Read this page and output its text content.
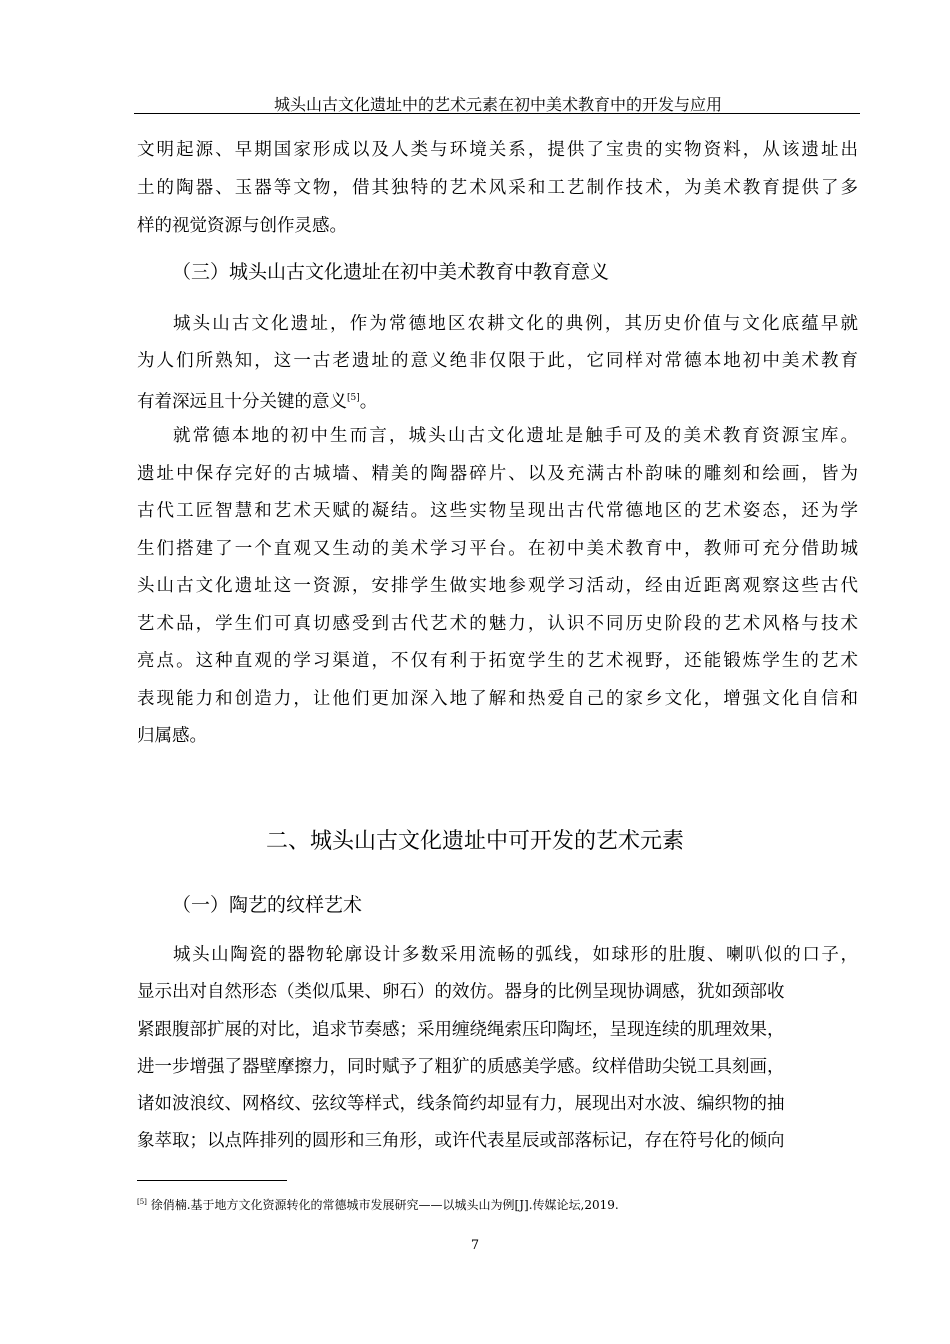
城头山古文化遗址中的艺术元素在初中美术教育中的开发与应用
文明起源、早期国家形成以及人类与环境关系，提供了宝贵的实物资料，从该遗址出
土的陶器、玉器等文物，借其独特的艺术风采和工艺制作技术，为美术教育提供了多
样的视觉资源与创作灵感。
（三）城头山古文化遗址在初中美术教育中教育意义
城头山古文化遗址，作为常德地区农耕文化的典例，其历史价值与文化底蕴早就
为人们所熟知，这一古老遗址的意义绝非仅限于此，它同样对常德本地初中美术教育
有着深远且十分关键的意义[5]。
就常德本地的初中生而言，城头山古文化遗址是触手可及的美术教育资源宝库。
遗址中保存完好的古城墙、精美的陶器碎片、以及充满古朴韵味的雕刻和绘画，皆为
古代工匠智慧和艺术天赋的凝结。这些实物呈现出古代常德地区的艺术姿态，还为学
生们搭建了一个直观又生动的美术学习平台。在初中美术教育中，教师可充分借助城
头山古文化遗址这一资源，安排学生做实地参观学习活动，经由近距离观察这些古代
艺术品，学生们可真切感受到古代艺术的魅力，认识不同历史阶段的艺术风格与技术
亮点。这种直观的学习渠道，不仅有利于拓宽学生的艺术视野，还能锻炼学生的艺术
表现能力和创造力，让他们更加深入地了解和热爱自己的家乡文化，增强文化自信和
归属感。
二、城头山古文化遗址中可开发的艺术元素
（一）陶艺的纹样艺术
城头山陶瓷的器物轮廓设计多数采用流畅的弧线，如球形的肚腹、喇叭似的口子，
显示出对自然形态（类似瓜果、卵石）的效仿。器身的比例呈现协调感，犹如颈部收
紧跟腹部扩展的对比，追求节奏感；采用缠绕绳索压印陶坯，呈现连续的肌理效果，
进一步增强了器壁摩擦力，同时赋予了粗犷的质感美学感。纹样借助尖锐工具刻画，
诸如波浪纹、网格纹、弦纹等样式，线条简约却显有力，展现出对水波、编织物的抽
象萃取；以点阵排列的圆形和三角形，或许代表星辰或部落标记，存在符号化的倾向
[5] 徐俏楠.基于地方文化资源转化的常德城市发展研究——以城头山为例[J].传媒论坛,2019.
7
